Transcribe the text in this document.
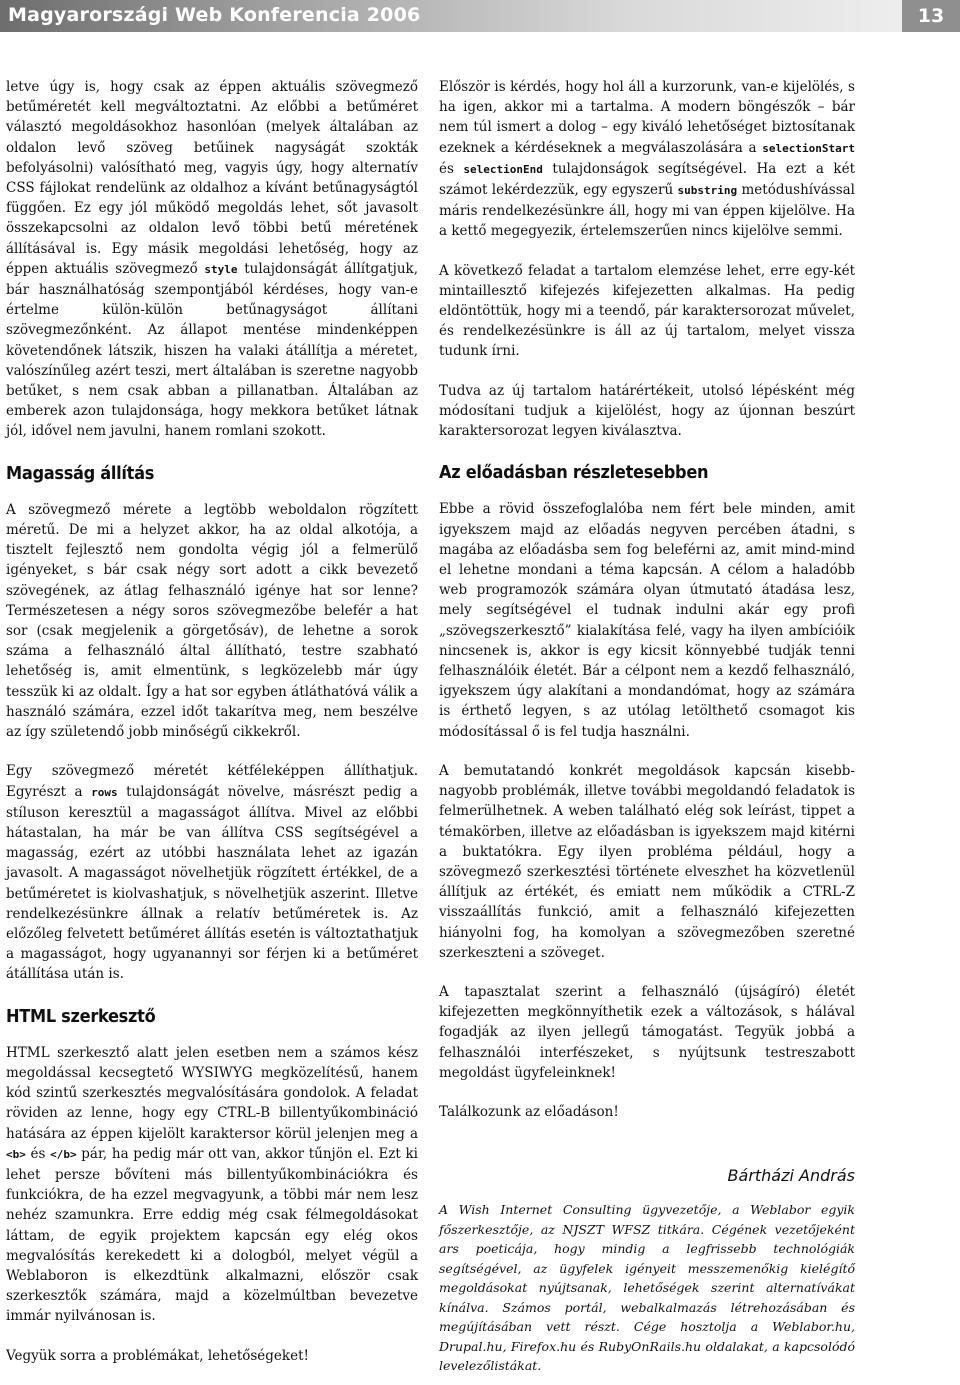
Magyarországi Web Konferencia 2006	13

letve úgy is, hogy csak az éppen aktuális szövegmező betűméretét kell megváltoztatni. Az előbbi a betűméret választó megoldásokhoz hasonlóan (melyek általában az oldalon levő szöveg betűinek nagyságát szokták befolyásolni) valósítható meg, vagyis úgy, hogy alternatív CSS fájlokat rendelünk az oldalhoz a kívánt betűnagyságtól függően. Ez egy jól működő megoldás lehet, sőt javasolt összekapcsolni az oldalon levő többi betű méretének állításával is. Egy másik megoldási lehetőség, hogy az éppen aktuális szövegmező style tulajdonságát állítgatjuk, bár használhatóság szempontjából kérdéses, hogy van-e értelme külön-külön betűnagyságot állítani szövegmezőnként. Az állapot mentése mindenképpen követendőnek látszik, hiszen ha valaki átállítja a méretet, valószínűleg azért teszi, mert általában is szeretne nagyobb betűket, s nem csak abban a pillanatban. Általában az emberek azon tulajdonsága, hogy mekkora betűket látnak jól, idővel nem javulni, hanem romlani szokott.

Magasság állítás

A szövegmező mérete a legtöbb weboldalon rögzített méretű. De mi a helyzet akkor, ha az oldal alkotója, a tisztelt fejlesztő nem gondolta végig jól a felmerülő igényeket, s bár csak négy sort adott a cikk bevezető szövegének, az átlag felhasználó igénye hat sor lenne? Természetesen a négy soros szövegmezőbe belefér a hat sor (csak megjelenik a görgetősáv), de lehetne a sorok száma a felhasználó által állítható, testre szabható lehetőség is, amit elmentünk, s legközelebb már úgy tesszük ki az oldalt. Így a hat sor egyben átláthatóvá válik a használó számára, ezzel időt takarítva meg, nem beszélve az így születendő jobb minőségű cikkekről.

Egy szövegmező méretét kétféleképpen állíthatjuk. Egyrészt a rows tulajdonságát növelve, másrészt pedig a stíluson keresztül a magasságot állítva. Mivel az előbbi hátastalan, ha már be van állítva CSS segítségével a magasság, ezért az utóbbi használata lehet az igazán javasolt. A magasságot növelhetjük rögzített értékkel, de a betűméretet is kiolvashatjuk, s növelhetjük aszerint. Illetve rendelkezésünkre állnak a relatív betűméretek is. Az előzőleg felvetett betűméret állítás esetén is változtathatjuk a magasságot, hogy ugyanannyi sor férjen ki a betűméret átállítása után is.

HTML szerkesztő

HTML szerkesztő alatt jelen esetben nem a számos kész megoldással kecsegtető WYSIWYG megközelítésű, hanem kód szintű szerkesztés megvalósítására gondolok. A feladat röviden az lenne, hogy egy CTRL-B billentyűkombináció hatására az éppen kijelölt karaktersor körül jelenjen meg a <b> és </b> pár, ha pedig már ott van, akkor tűnjön el. Ezt ki lehet persze bővíteni más billentyűkombinációkra és funkciókra, de ha ezzel megvagyunk, a többi már nem lesz nehéz szamunkra. Erre eddig még csak félmegoldásokat láttam, de egyik projektem kapcsán egy elég okos megvalósítás kerekedett ki a dologból, melyet végül a Weblaboron is elkezdtünk alkalmazni, először csak szerkesztők számára, majd a közelmúltban bevezetve immár nyilvánosan is.

Vegyük sorra a problémákat, lehetőségeket!

Először is kérdés, hogy hol áll a kurzorunk, van-e kijelölés, s ha igen, akkor mi a tartalma. A modern böngészők – bár nem túl ismert a dolog – egy kiváló lehetőséget biztosítanak ezeknek a kérdéseknek a megválaszolására a selectionStart és selectionEnd tulajdonságok segítségével. Ha ezt a két számot lekérdezzük, egy egyszerű substring metódushívással máris rendelkezésünkre áll, hogy mi van éppen kijelölve. Ha a kettő megegyezik, értelemszerűen nincs kijelölve semmi.

A következő feladat a tartalom elemzése lehet, erre egy-két mintaillesztő kifejezés kifejezetten alkalmas. Ha pedig eldöntöttük, hogy mi a teendő, pár karaktersorozat művelet, és rendelkezésünkre is áll az új tartalom, melyet vissza tudunk írni.

Tudva az új tartalom határértékeit, utolsó lépésként még módosítani tudjuk a kijelölést, hogy az újonnan beszúrt karaktersorozat legyen kiválasztva.

Az előadásban részletesebben

Ebbe a rövid összefoglalóba nem fért bele minden, amit igyekszem majd az előadás negyven percében átadni, s magába az előadásba sem fog beleférni az, amit mind-mind el lehetne mondani a téma kapcsán. A célom a haladóbb web programozók számára olyan útmutató átadása lesz, mely segítségével el tudnak indulni akár egy profi „szövegszerkesztő” kialakítása felé, vagy ha ilyen ambícióik nincsenek is, akkor is egy kicsit könnyebbé tudják tenni felhasználóik életét. Bár a célpont nem a kezdő felhasználó, igyekszem úgy alakítani a mondandómat, hogy az számára is érthető legyen, s az utólag letölthető csomagot kis módosítással ő is fel tudja használni.

A bemutatandó konkrét megoldások kapcsán kisebb-nagyobb problémák, illetve további megoldandó feladatok is felmerülhetnek. A weben található elég sok leírást, tippet a témakörben, illetve az előadásban is igyekszem majd kitérni a buktatókra. Egy ilyen probléma például, hogy a szövegmező szerkesztési története elveszhet ha közvetlenül állítjuk az értékét, és emiatt nem működik a CTRL-Z visszaállítás funkció, amit a felhasználó kifejezetten hiányolni fog, ha komolyan a szövegmezőben szeretné szerkeszteni a szöveget.

A tapasztalat szerint a felhasználó (újságíró) életét kifejezetten megkönnyíthetik ezek a változások, s hálával fogadják az ilyen jellegű támogatást. Tegyük jobbá a felhasználói interfészeket, s nyújtsunk testreszabott megoldást ügyfeleinknek!

Találkozunk az előadáson!

Bártházi András
A Wish Internet Consulting ügyvezetője, a Weblabor egyik főszerkesztője, az NJSZT WFSZ titkára. Cégének vezetőjeként ars poeticája, hogy mindig a legfrissebb technológiák segítségével, az ügyfelek igényeit messzemenőkig kielégítő megoldásokat nyújtsanak, lehetőségek szerint alternatívákat kínálva. Számos portál, webalkalmazás létrehozásában és megújításában vett részt. Cége hosztolja a Weblabor.hu, Drupal.hu, Firefox.hu és RubyOnRails.hu oldalakat, a kapcsolódó levelezőlistákat.
